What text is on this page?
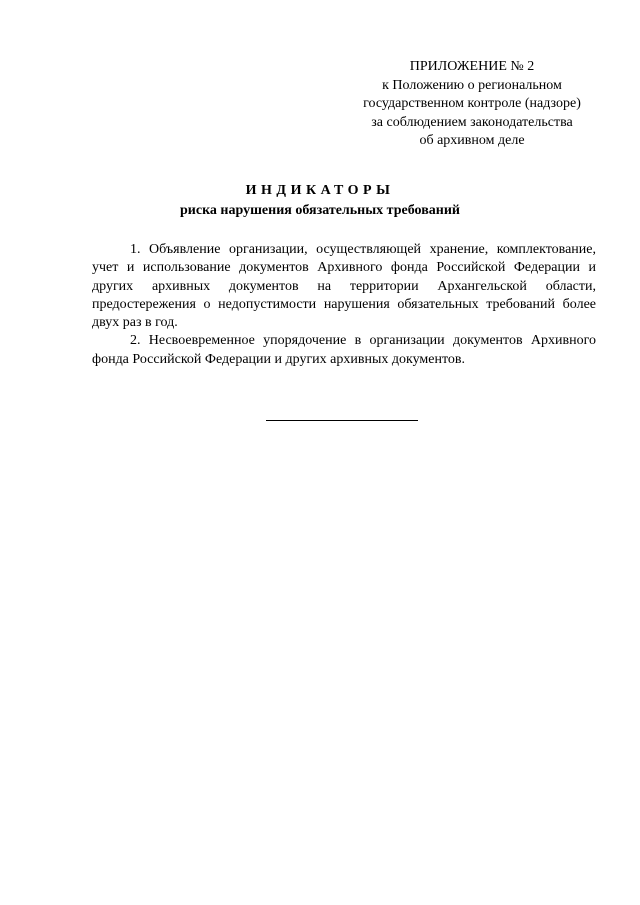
ПРИЛОЖЕНИЕ № 2
к Положению о региональном
государственном контроле (надзоре)
за соблюдением законодательства
об архивном деле
ИНДИКАТОРЫ
риска нарушения обязательных требований

1. Объявление организации, осуществляющей хранение, комплектование, учет и использование документов Архивного фонда Российской Федерации и других архивных документов на территории Архангельской области, предостережения о недопустимости нарушения обязательных требований более двух раз в год.

2. Несвоевременное упорядочение в организации документов Архивного фонда Российской Федерации и других архивных документов.
